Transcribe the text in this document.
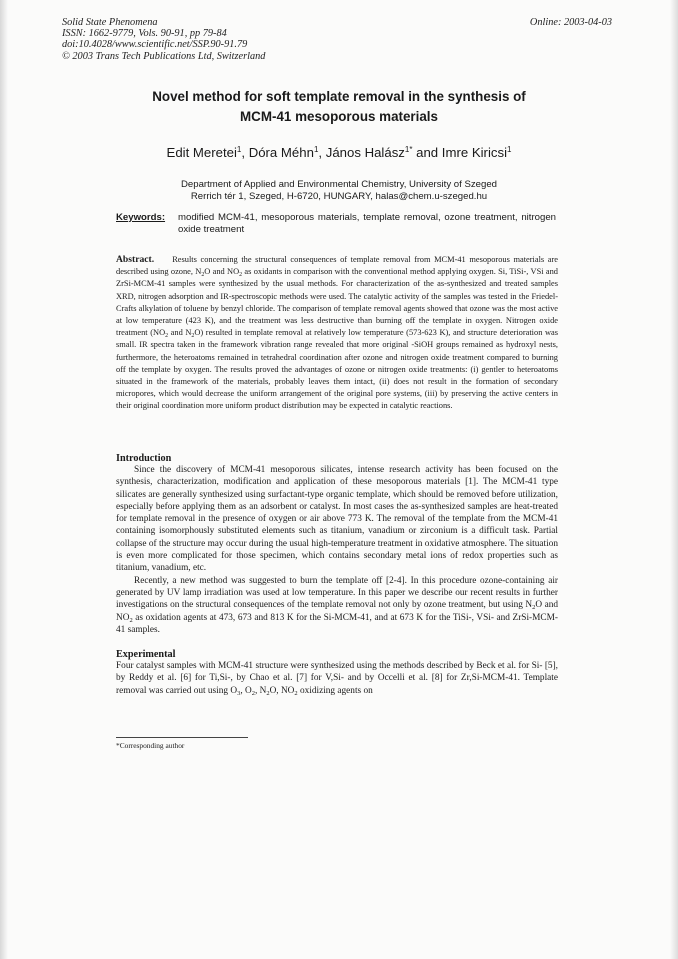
Solid State Phenomena
ISSN: 1662-9779, Vols. 90-91, pp 79-84
doi:10.4028/www.scientific.net/SSP.90-91.79
© 2003 Trans Tech Publications Ltd, Switzerland
Online: 2003-04-03
Novel method for soft template removal in the synthesis of
MCM-41 mesoporous materials
Edit Meretei$^1$, Dóra Méhn$^1$, János Halász$^{1*}$ and Imre Kiricsi$^1$
Department of Applied and Environmental Chemistry, University of Szeged
Rerrich tér 1, Szeged, H-6720, HUNGARY, halas@chem.u-szeged.hu
Keywords: modified MCM-41, mesoporous materials, template removal, ozone treatment, nitrogen oxide treatment
Abstract. Results concerning the structural consequences of template removal from MCM-41 mesoporous materials are described using ozone, $N_2O$ and $NO_2$ as oxidants in comparison with the conventional method applying oxygen. Si, TiSi-, VSi and ZrSi-MCM-41 samples were synthesized by the usual methods. For characterization of the as-synthesized and treated samples XRD, nitrogen adsorption and IR-spectroscopic methods were used. The catalytic activity of the samples was tested in the Friedel-Crafts alkylation of toluene by benzyl chloride. The comparison of template removal agents showed that ozone was the most active at low temperature (423 K), and the treatment was less destructive than burning off the template in oxygen. Nitrogen oxide treatment ($NO_2$ and $N_2O$) resulted in template removal at relatively low temperature (573-623 K), and structure deterioration was small. IR spectra taken in the framework vibration range revealed that more original -SiOH groups remained as hydroxyl nests, furthermore, the heteroatoms remained in tetrahedral coordination after ozone and nitrogen oxide treatment compared to burning off the template by oxygen. The results proved the advantages of ozone or nitrogen oxide treatments: (i) gentler to heteroatoms situated in the framework of the materials, probably leaves them intact, (ii) does not result in the formation of secondary micropores, which would decrease the uniform arrangement of the original pore systems, (iii) by preserving the active centers in their original coordination more uniform product distribution may be expected in catalytic reactions.
Introduction

Since the discovery of MCM-41 mesoporous silicates, intense research activity has been focused on the synthesis, characterization, modification and application of these mesoporous materials [1]. The MCM-41 type silicates are generally synthesized using surfactant-type organic template, which should be removed before utilization, especially before applying them as an adsorbent or catalyst. In most cases the as-synthesized samples are heat-treated for template removal in the presence of oxygen or air above 773 K. The removal of the template from the MCM-41 containing isomorphously substituted elements such as titanium, vanadium or zirconium is a difficult task. Partial collapse of the structure may occur during the usual high-temperature treatment in oxidative atmosphere. The situation is even more complicated for those specimen, which contains secondary metal ions of redox properties such as titanium, vanadium, etc.

Recently, a new method was suggested to burn the template off [2-4]. In this procedure ozone-containing air generated by UV lamp irradiation was used at low temperature. In this paper we describe our recent results in further investigations on the structural consequences of the template removal not only by ozone treatment, but using $N_2O$ and $NO_2$ as oxidation agents at 473, 673 and 813 K for the Si-MCM-41, and at 673 K for the TiSi-, VSi- and ZrSi-MCM-41 samples.

Experimental
Four catalyst samples with MCM-41 structure were synthesized using the methods described by Beck et al. for Si- [5], by Reddy et al. [6] for Ti,Si-, by Chao et al. [7] for V,Si- and by Occelli et al. [8] for Zr,Si-MCM-41. Template removal was carried out using $O_3$, $O_2$, $N_2O$, $NO_2$ oxidizing agents on
*Corresponding author
